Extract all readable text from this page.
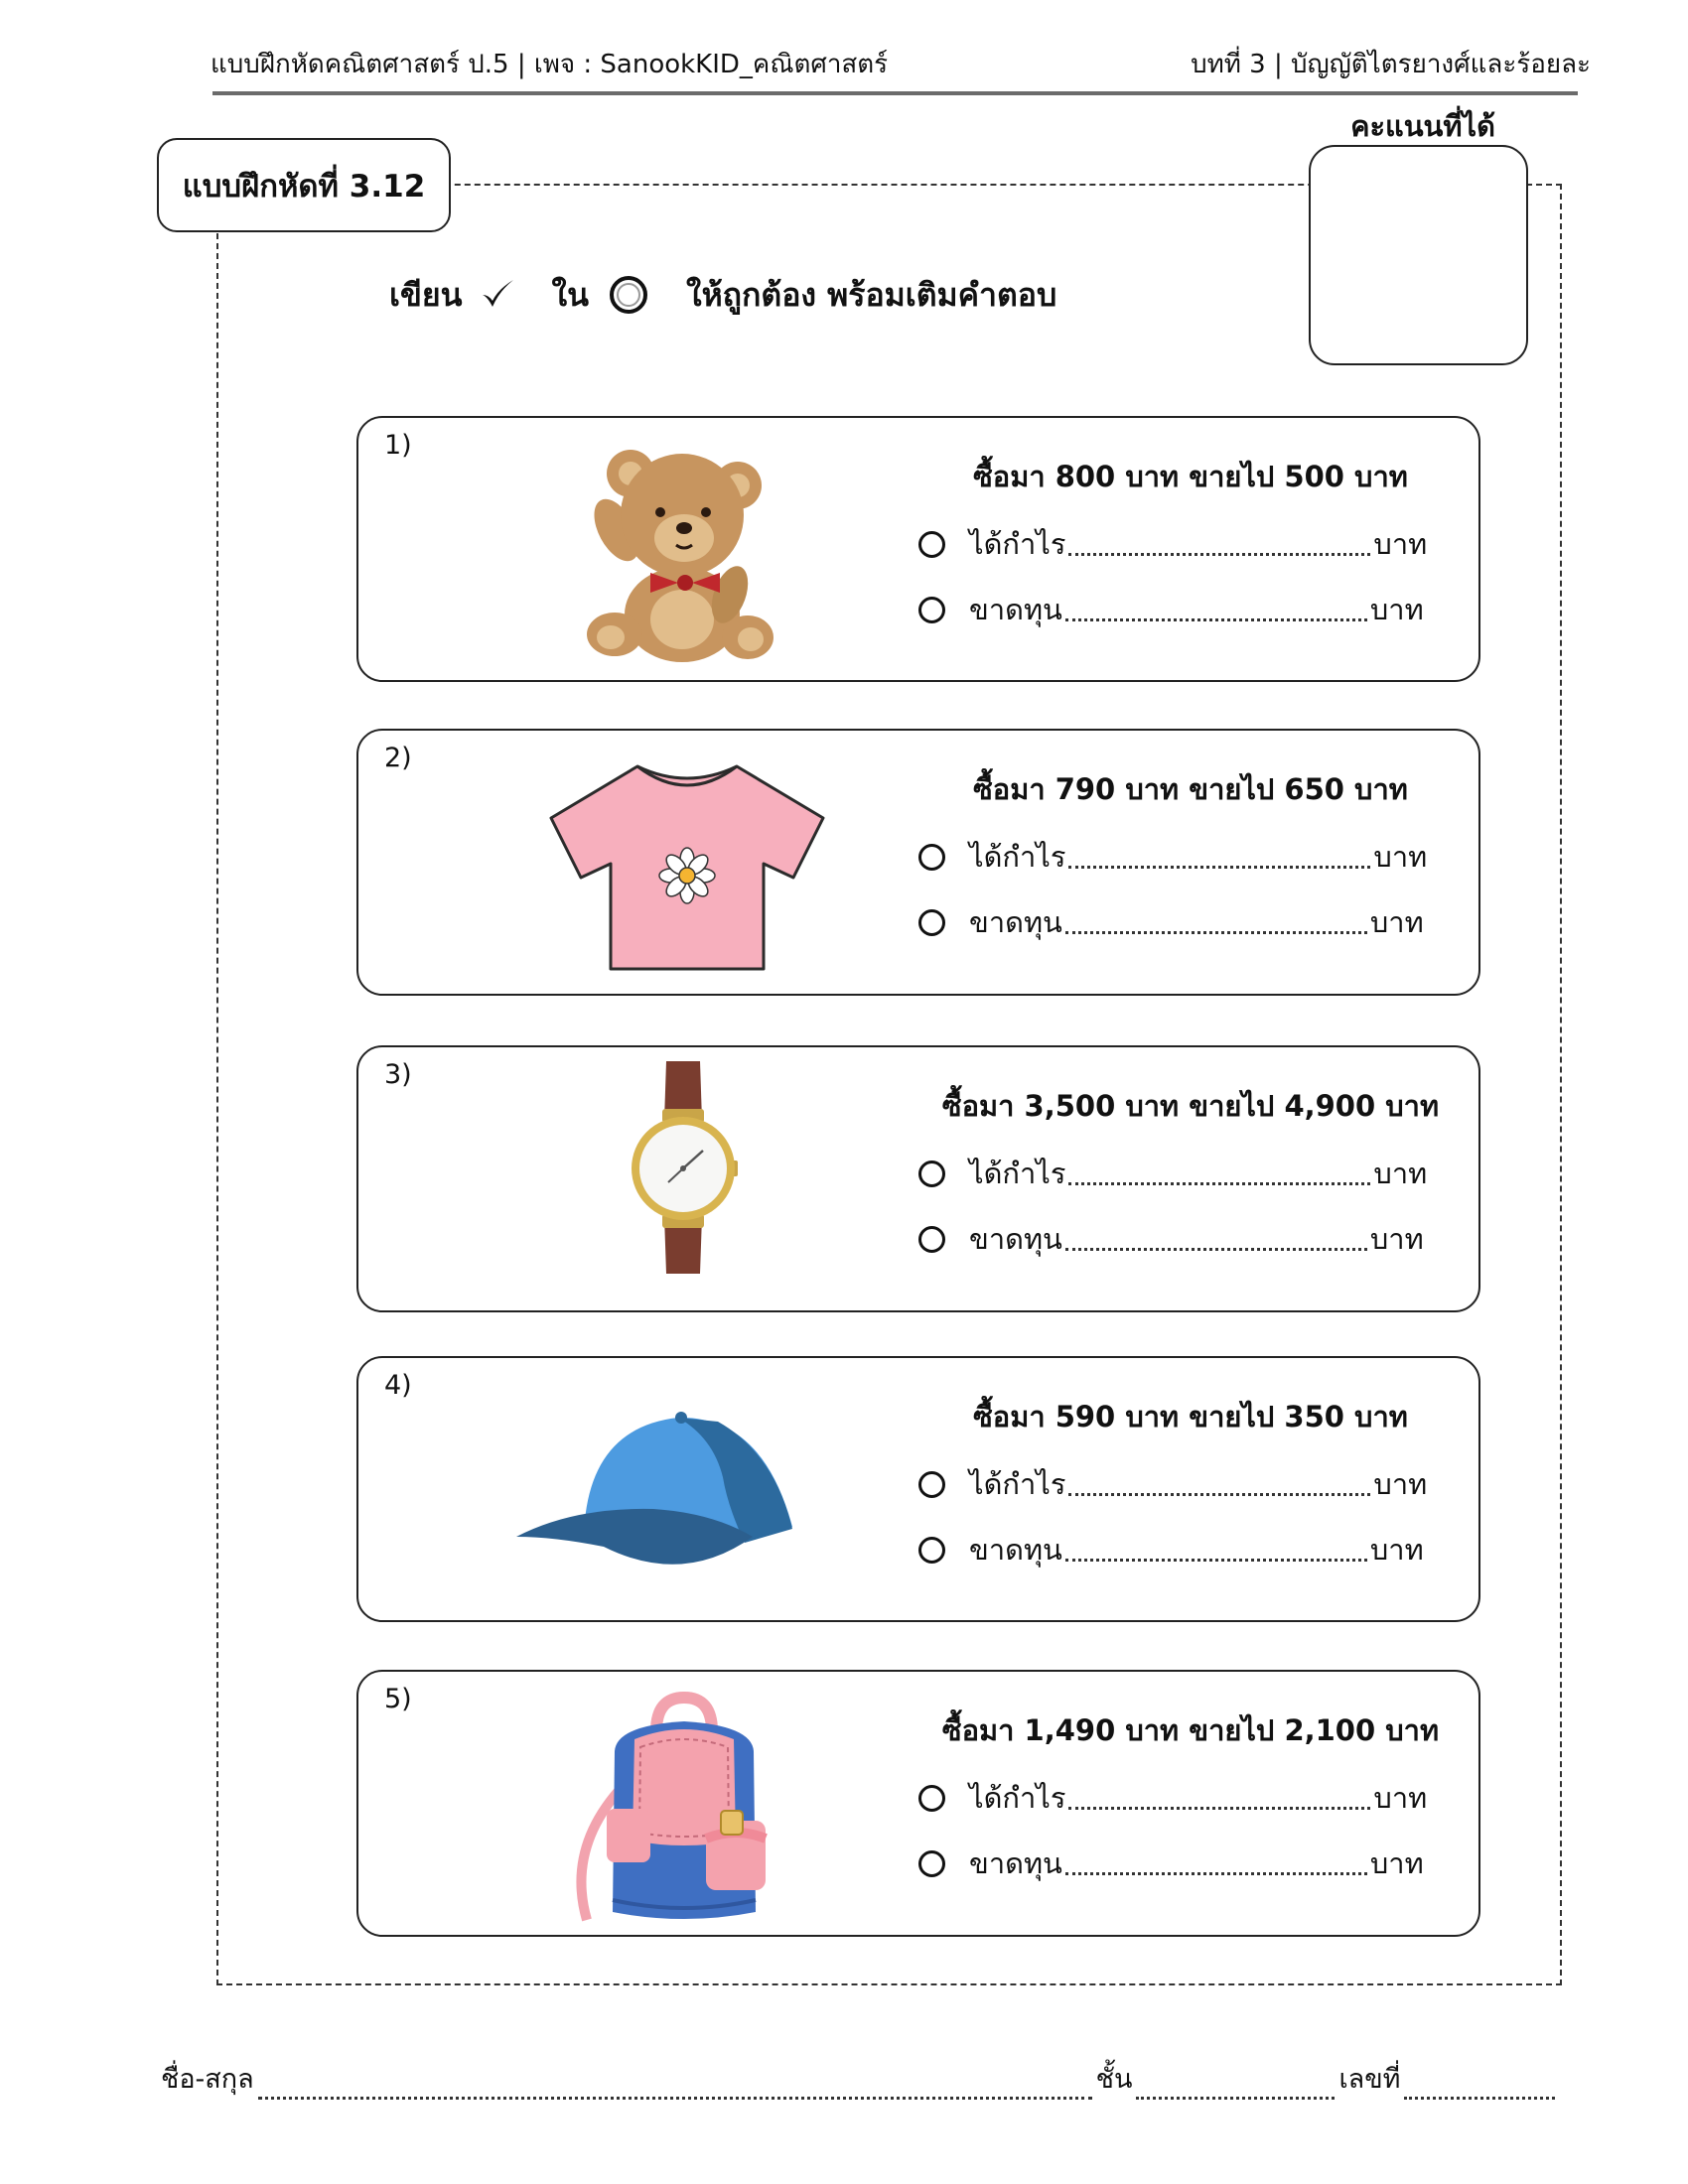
แบบฝึกหัดคณิตศาสตร์ ป.5 | เพจ : SanookKID_คณิตศาสตร์	บทที่ 3 | บัญญัติไตรยางศ์และร้อยละ
แบบฝึกหัดที่ 3.12
คะแนนที่ได้
เขียน	ใน	ให้ถูกต้อง พร้อมเติมคำตอบ
1)
ซื้อมา 800 บาท ขายไป 500 บาท
ได้กำไร	บาท
ขาดทุน	บาท
2)
ซื้อมา 790 บาท ขายไป 650 บาท
ได้กำไร	บาท
ขาดทุน	บาท
3)
ซื้อมา 3,500 บาท ขายไป 4,900 บาท
ได้กำไร	บาท
ขาดทุน	บาท
4)
ซื้อมา 590 บาท ขายไป 350 บาท
ได้กำไร	บาท
ขาดทุน	บาท
5)
ซื้อมา 1,490 บาท ขายไป 2,100 บาท
ได้กำไร	บาท
ขาดทุน	บาท
ชื่อ-สกุล	ชั้น	เลขที่
